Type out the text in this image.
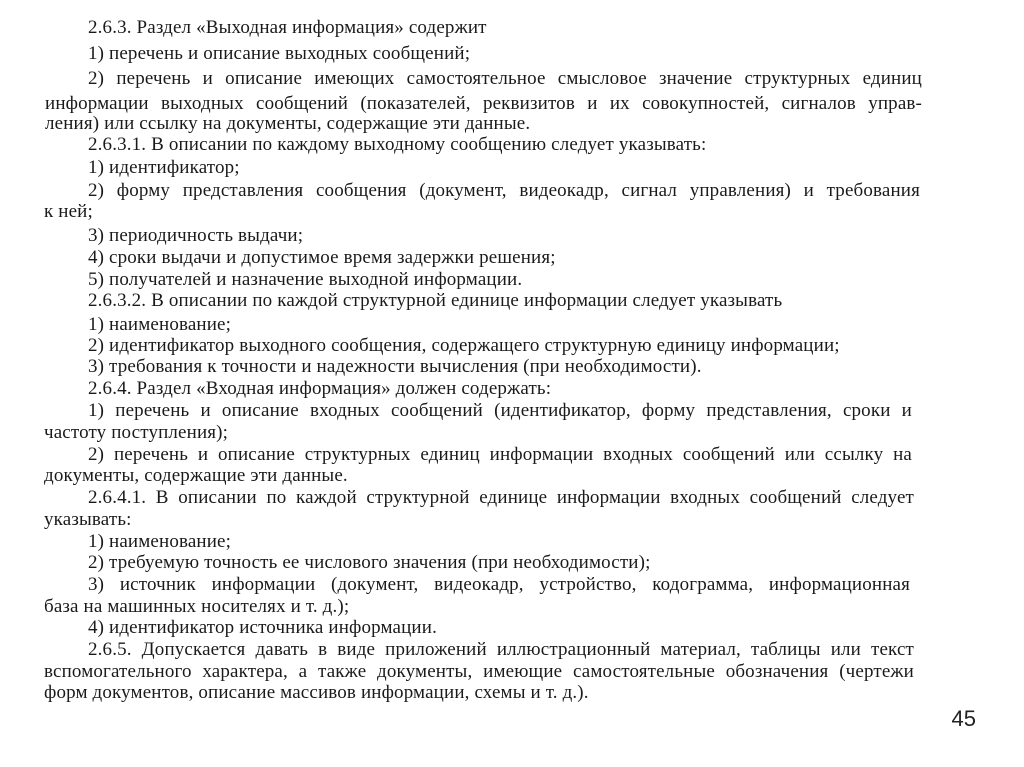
2.6.3. Раздел «Выходная информация» содержит
1) перечень и описание выходных сообщений;
2) перечень и описание имеющих самостоятельное смысловое значение структурных единиц
информации выходных сообщений (показателей, реквизитов и их совокупностей, сигналов управ-
ления) или ссылку на документы, содержащие эти данные.
2.6.3.1. В описании по каждому выходному сообщению следует указывать:
1) идентификатор;
2) форму представления сообщения (документ, видеокадр, сигнал управления) и требования
к ней;
3) периодичность выдачи;
4) сроки выдачи и допустимое время задержки решения;
5) получателей и назначение выходной информации.
2.6.3.2. В описании по каждой структурной единице информации следует указывать
1) наименование;
2) идентификатор выходного сообщения, содержащего структурную единицу информации;
3) требования к точности и надежности вычисления (при необходимости).
2.6.4. Раздел «Входная информация» должен содержать:
1) перечень и описание входных сообщений (идентификатор, форму представления, сроки и
частоту поступления);
2) перечень и описание структурных единиц информации входных сообщений или ссылку на
документы, содержащие эти данные.
2.6.4.1. В описании по каждой структурной единице информации входных сообщений следует
указывать:
1) наименование;
2) требуемую точность ее числового значения (при необходимости);
3) источник информации (документ, видеокадр, устройство, кодограмма, информационная
база на машинных носителях и т. д.);
4) идентификатор источника информации.
2.6.5. Допускается давать в виде приложений иллюстрационный материал, таблицы или текст
вспомогательного характера, а также документы, имеющие самостоятельные обозначения (чертежи
форм документов, описание массивов информации, схемы и т. д.).
45
